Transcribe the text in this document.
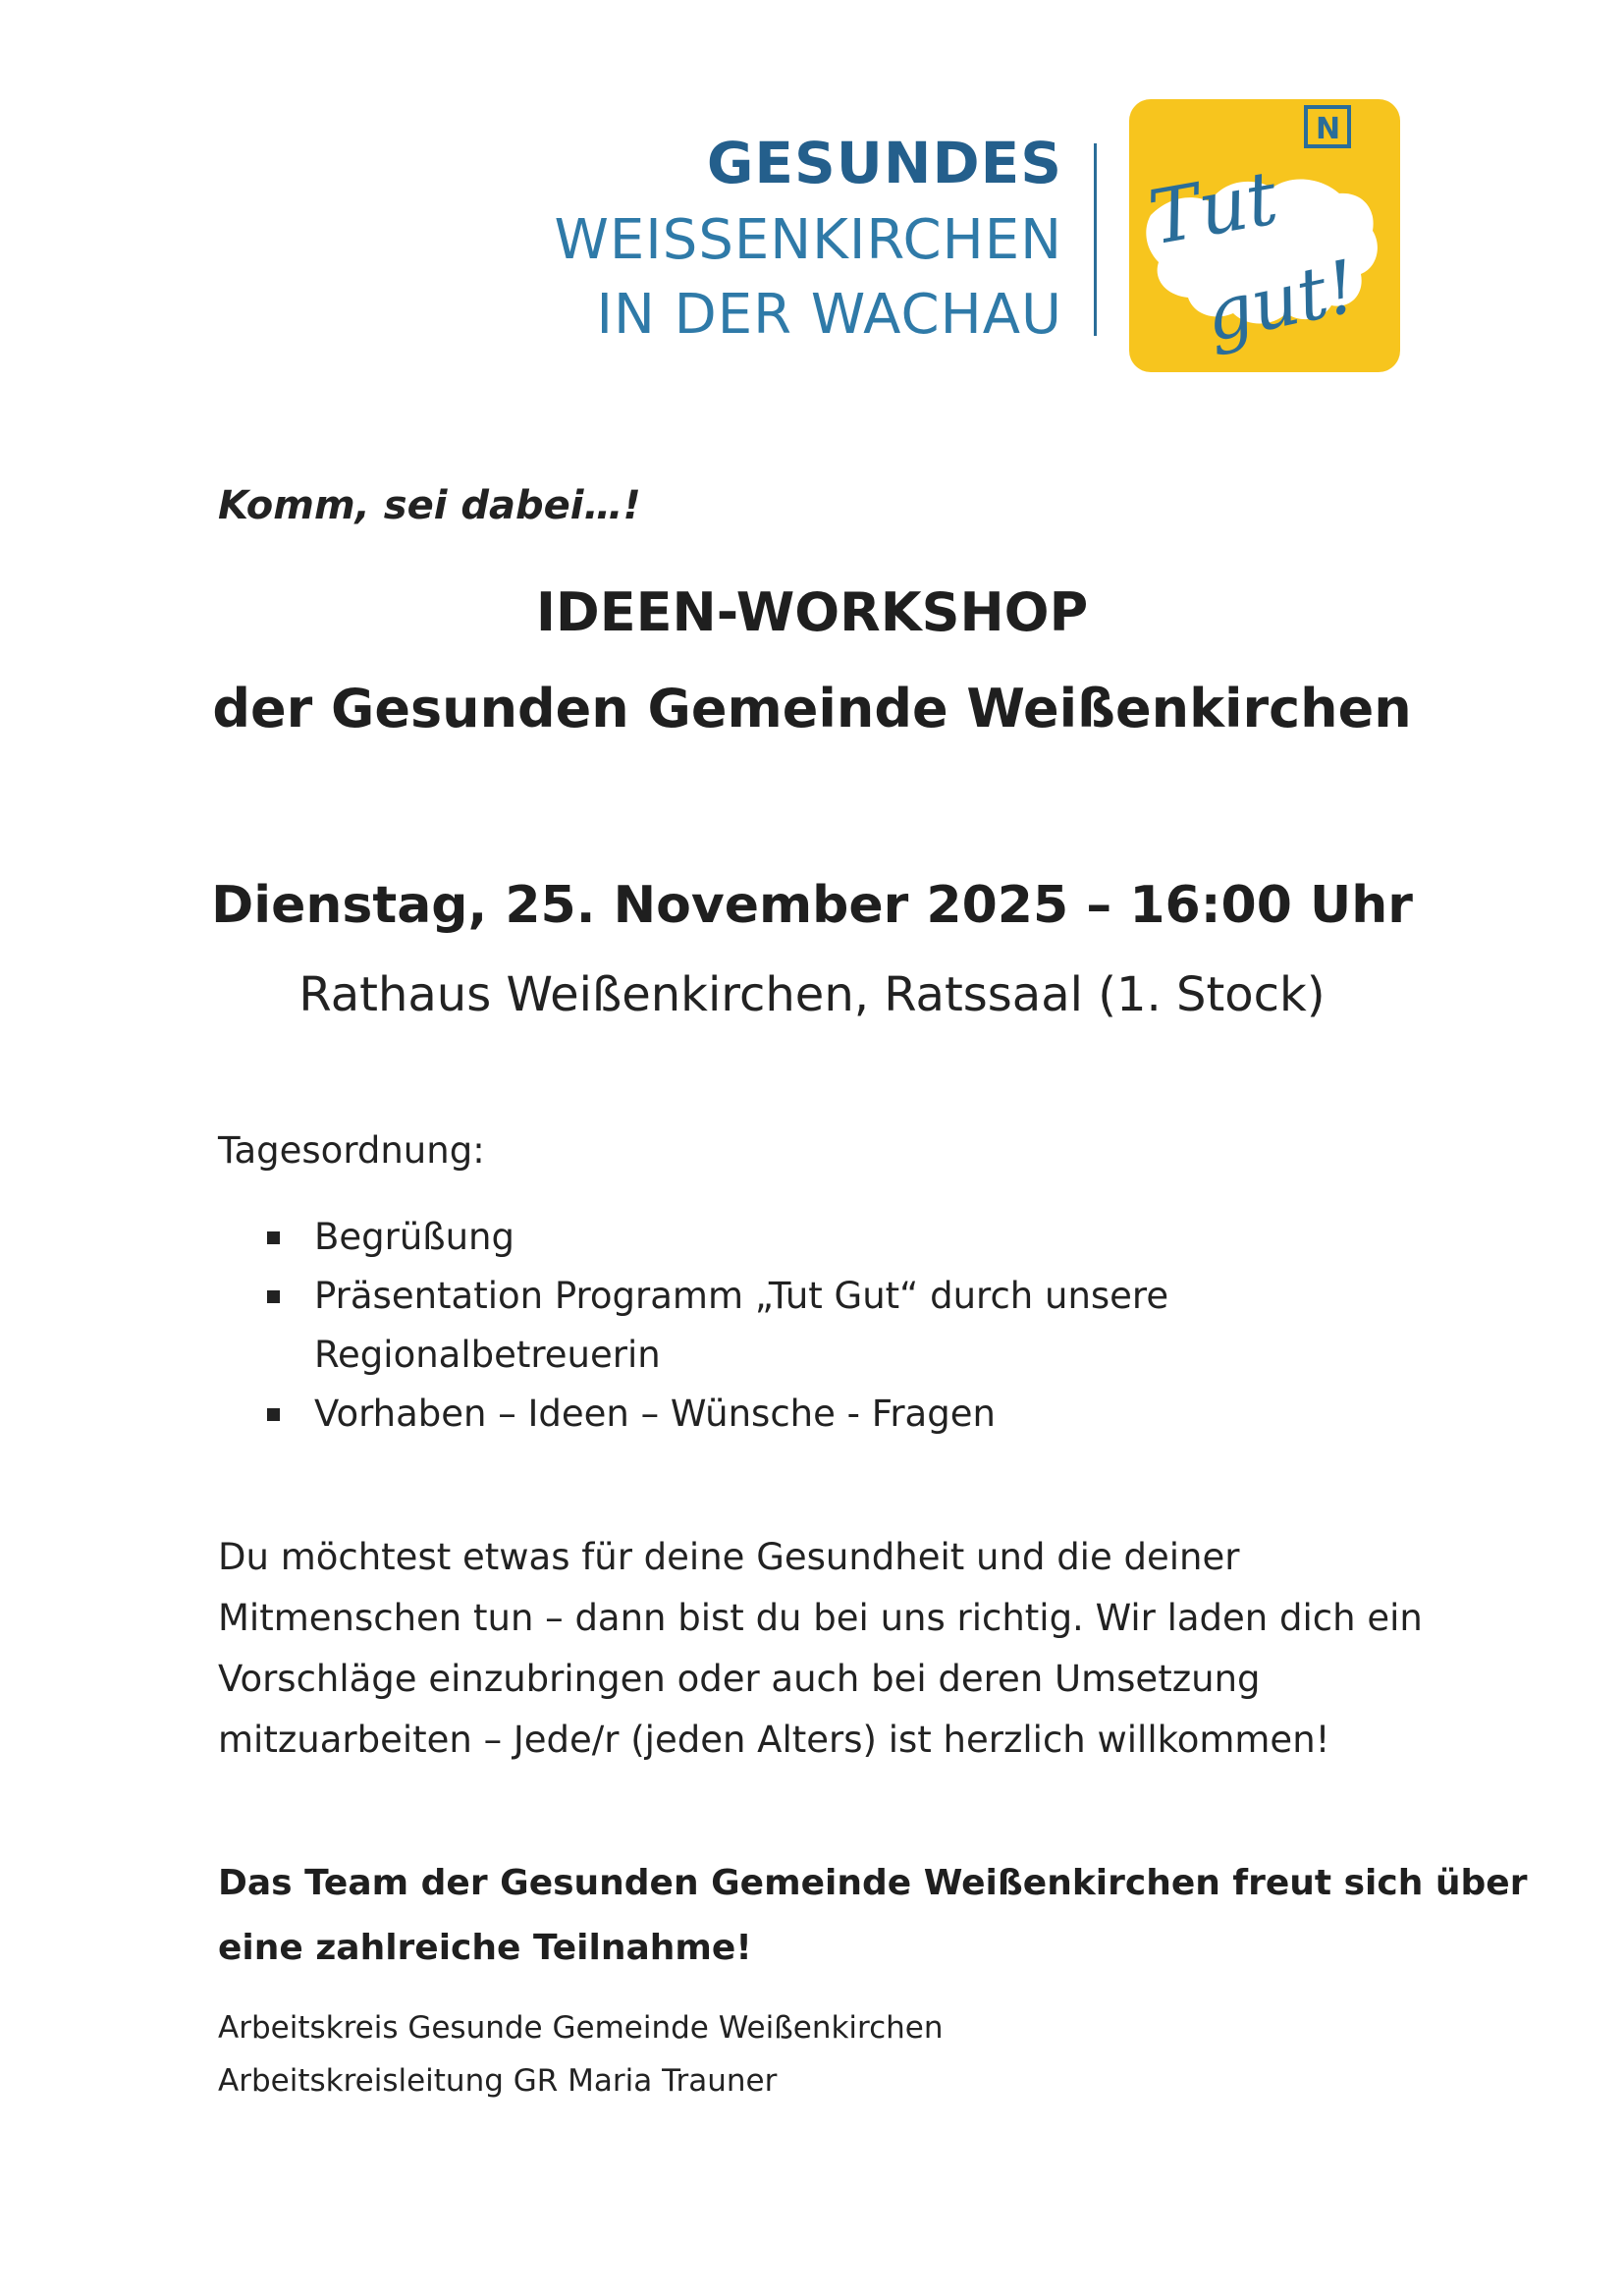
GESUNDES
WEISSENKIRCHEN
IN DER WACHAU
N
Tut
gut!
Komm, sei dabei…!
IDEEN-WORKSHOP
der Gesunden Gemeinde Weißenkirchen
Dienstag, 25. November 2025 – 16:00 Uhr
Rathaus Weißenkirchen, Ratssaal (1. Stock)
Tagesordnung:
Begrüßung
Präsentation Programm „Tut Gut“ durch unsere Regionalbetreuerin
Vorhaben – Ideen – Wünsche - Fragen
Du möchtest etwas für deine Gesundheit und die deiner
Mitmenschen tun – dann bist du bei uns richtig. Wir laden dich ein
Vorschläge einzubringen oder auch bei deren Umsetzung
mitzuarbeiten – Jede/r (jeden Alters) ist herzlich willkommen!
Das Team der Gesunden Gemeinde Weißenkirchen freut sich über
eine zahlreiche Teilnahme!
Arbeitskreis Gesunde Gemeinde Weißenkirchen
Arbeitskreisleitung GR Maria Trauner
